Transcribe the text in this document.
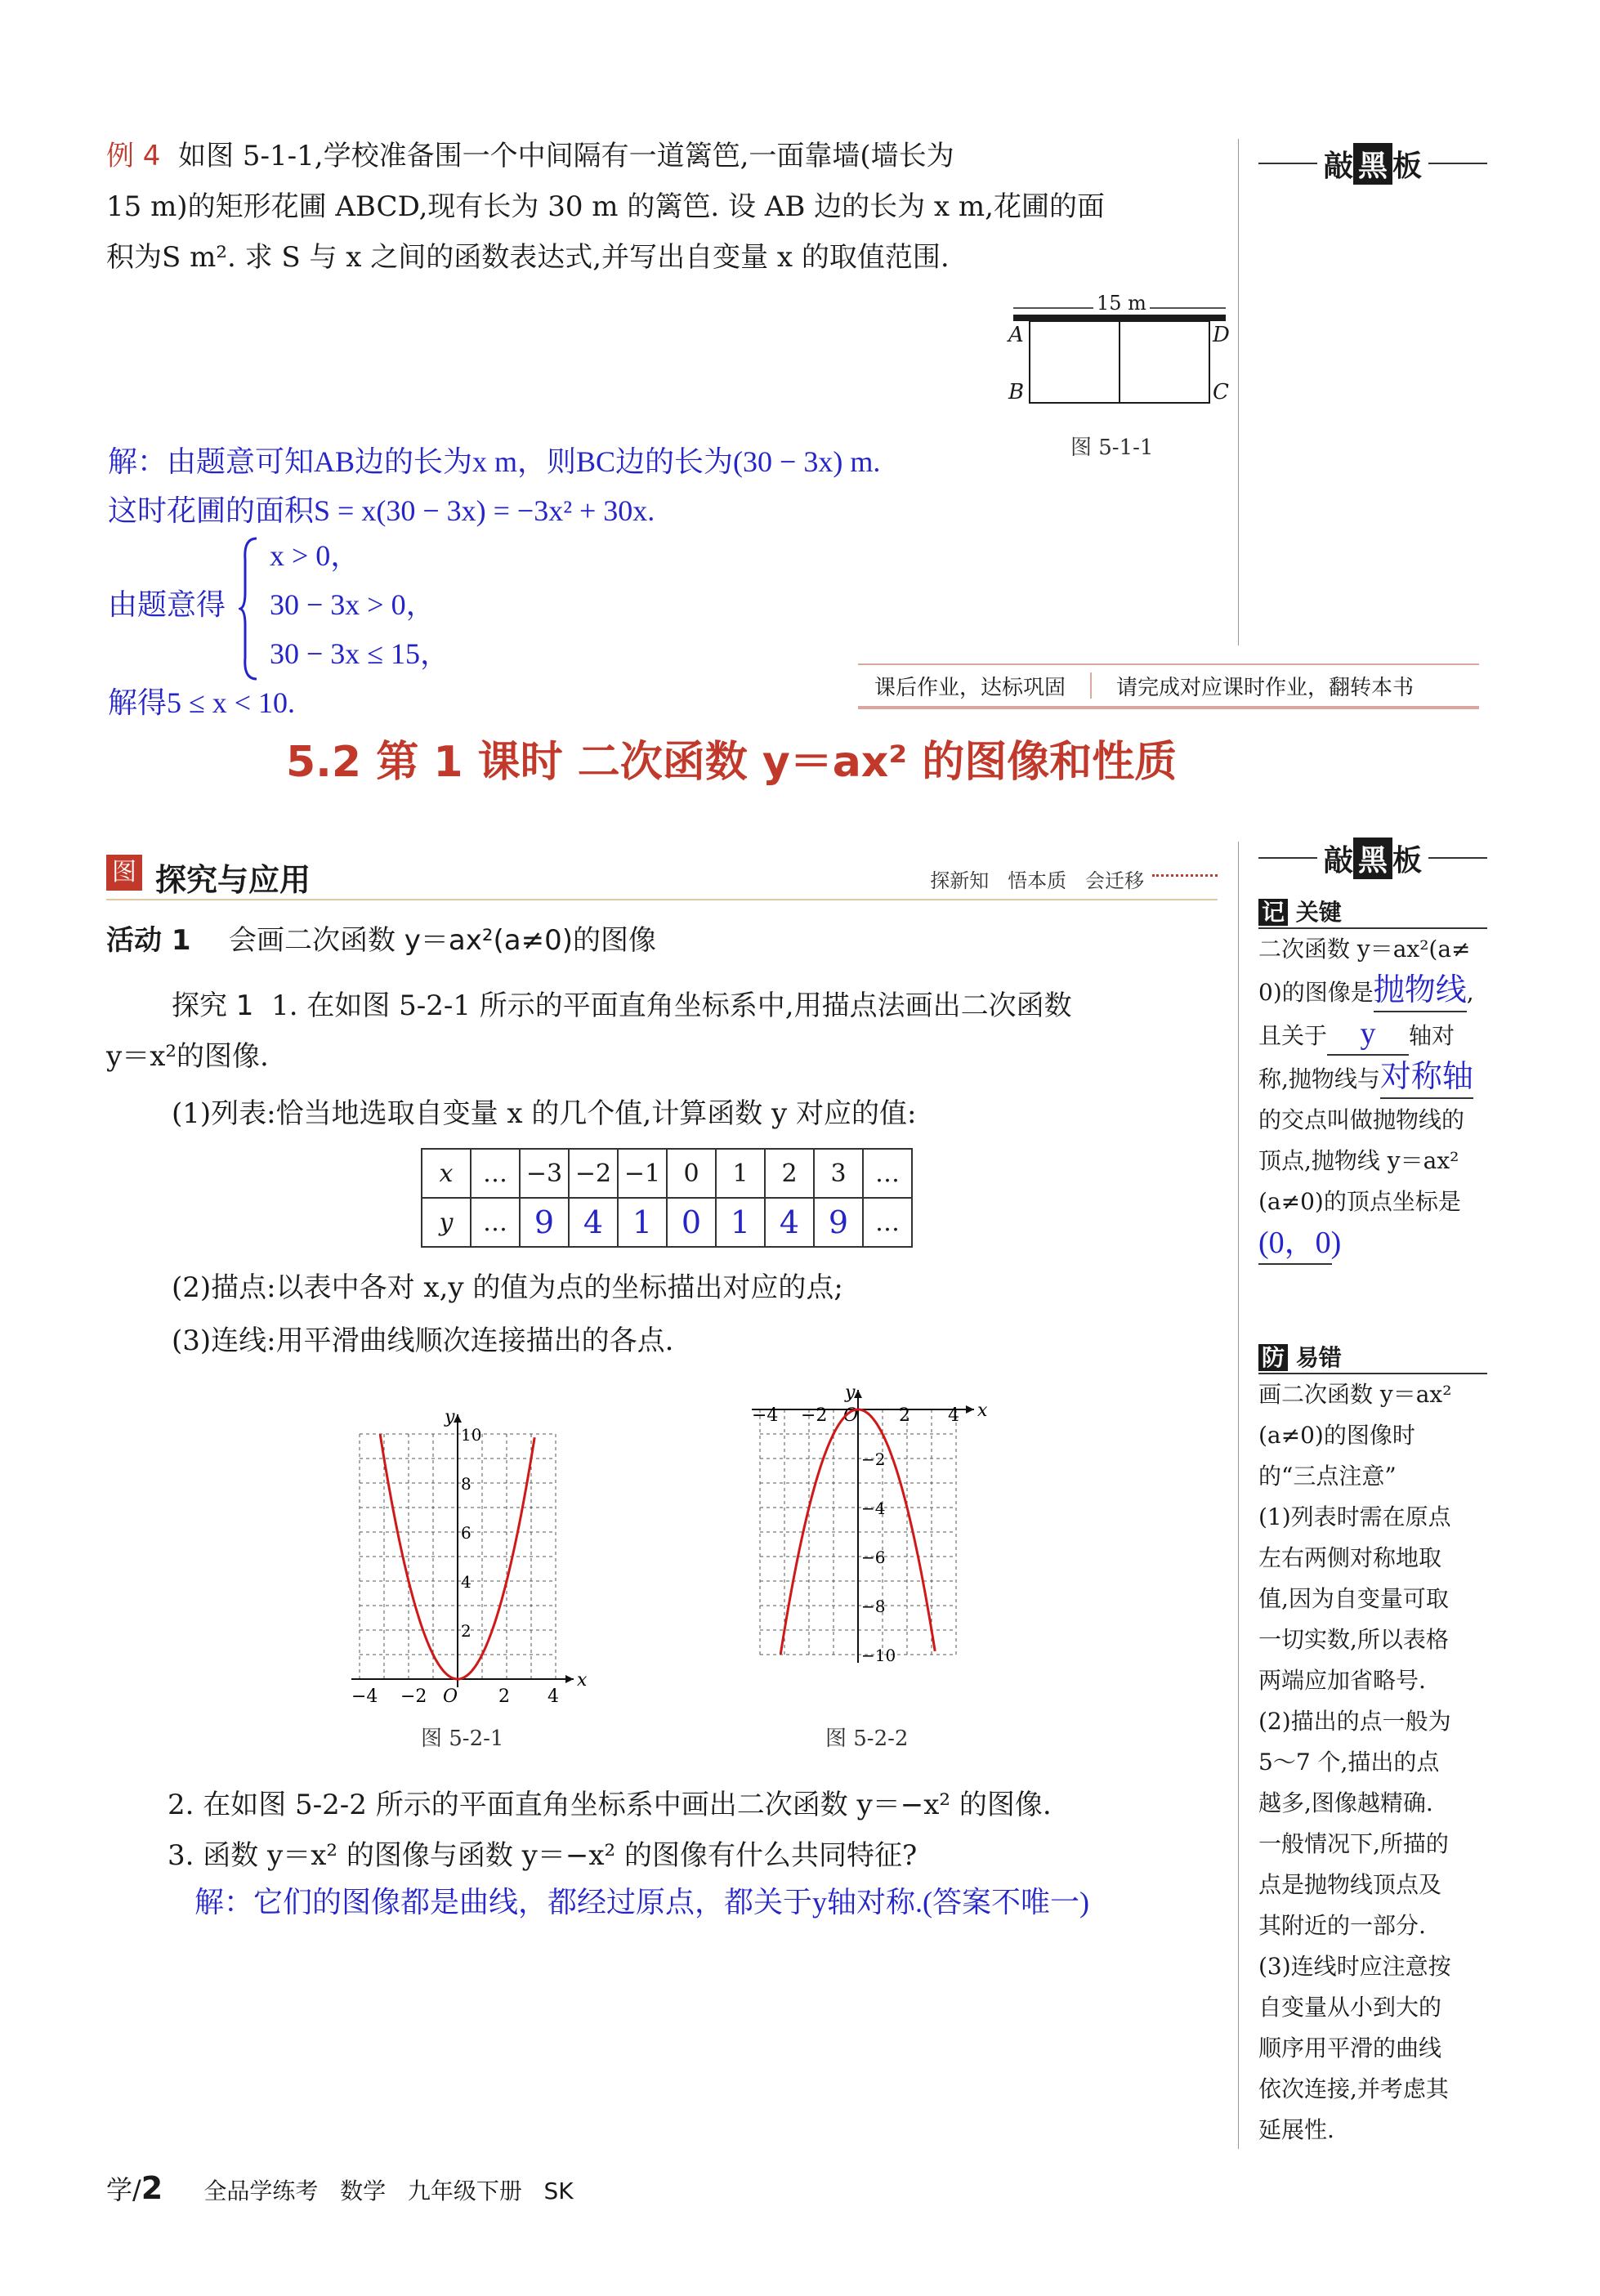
例 4 如图 5-1-1,学校准备围一个中间隔有一道篱笆,一面靠墙(墙长为
15 m)的矩形花圃 ABCD,现有长为 30 m 的篱笆. 设 AB 边的长为 x m,花圃的面
积为S m². 求 S 与 x 之间的函数表达式,并写出自变量 x 的取值范围.
15 m
A
B	C
D
图 5-1-1
解：由题意可知AB边的长为x m，则BC边的长为(30 − 3x) m.
这时花圃的面积S = x(30 − 3x) = −3x² + 30x.
由题意得
x > 0，
30 − 3x > 0，
30 − 3x ≤ 15，
解得5 ≤ x < 10.	课后作业，达标巩固	请完成对应课时作业，翻转本书
5.2 第 1 课时 二次函数 y＝ax² 的图像和性质
图 探究与应用	探新知   悟本质   会迁移
活动 1 会画二次函数 y＝ax²(a≠0)的图像
探究 1 1. 在如图 5-2-1 所示的平面直角坐标系中,用描点法画出二次函数
y＝x²的图像.
(1)列表:恰当地选取自变量 x 的几个值,计算函数 y 对应的值:
x	…	−3	−2	−1	0	1	2	3	…
y	…	9	4	1	0	1	4	9	…
(2)描点:以表中各对 x,y 的值为点的坐标描出对应的点;
(3)连线:用平滑曲线顺次连接描出的各点.
x
y
−4 −2 O 2 4
2
4
6
8
10
图 5-2-1
x
y
−4 −2 O 2 4
−2
−4
−6
−8
−10
图 5-2-2
2. 在如图 5-2-2 所示的平面直角坐标系中画出二次函数 y＝−x² 的图像.
3. 函数 y＝x² 的图像与函数 y＝−x² 的图像有什么共同特征?
解：它们的图像都是曲线，都经过原点，都关于y轴对称.(答案不唯一)
敲 黑 板
敲 黑 板
记 关键
二次函数 y＝ax²(a≠
0)的图像是抛物线,
且关于 y 轴对
称,抛物线与对称轴
的交点叫做抛物线的
顶点,抛物线 y＝ax²
(a≠0)的顶点坐标是
(0，0)
防 易错
画二次函数 y＝ax²
(a≠0)的图像时
的“三点注意”
(1)列表时需在原点
左右两侧对称地取
值,因为自变量可取
一切实数,所以表格
两端应加省略号.
(2)描出的点一般为
5～7 个,描出的点
越多,图像越精确.
一般情况下,所描的
点是抛物线顶点及
其附近的一部分.
(3)连线时应注意按
自变量从小到大的
顺序用平滑的曲线
依次连接,并考虑其
延展性.
学/2 全品学练考   数学   九年级下册   SK
